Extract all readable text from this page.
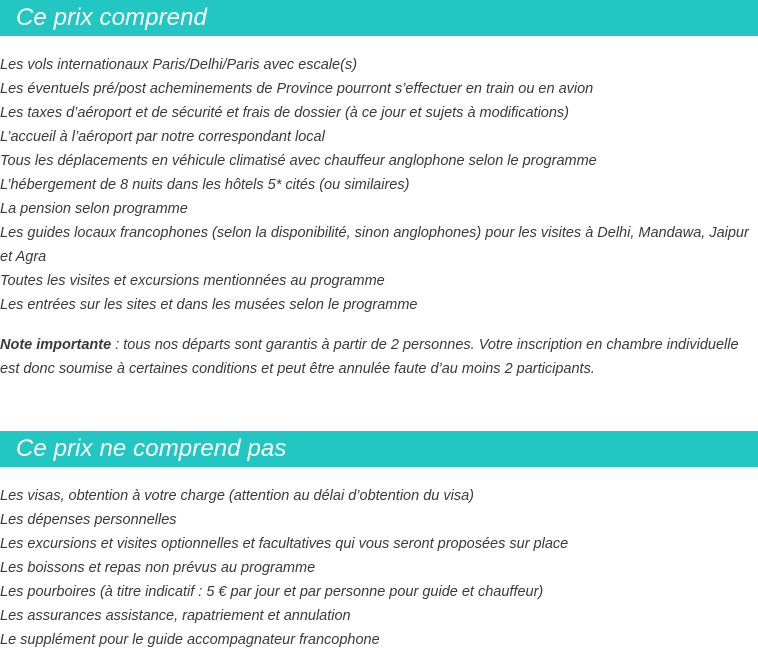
Ce prix comprend
Les vols internationaux Paris/Delhi/Paris avec escale(s)
Les éventuels pré/post acheminements de Province pourront s’effectuer en train ou en avion
Les taxes d’aéroport et de sécurité et frais de dossier (à ce jour et sujets à modifications)
L’accueil à l’aéroport par notre correspondant local
Tous les déplacements en véhicule climatisé avec chauffeur anglophone selon le programme
L’hébergement de 8 nuits dans les hôtels 5* cités (ou similaires)
La pension selon programme
Les guides locaux francophones (selon la disponibilité, sinon anglophones) pour les visites à Delhi, Mandawa, Jaipur et Agra
Toutes les visites et excursions mentionnées au programme
Les entrées sur les sites et dans les musées selon le programme

Note importante : tous nos départs sont garantis à partir de 2 personnes. Votre inscription en chambre individuelle est donc soumise à certaines conditions et peut être annulée faute d’au moins 2 participants.

Ce prix ne comprend pas
Les visas, obtention à votre charge (attention au délai d’obtention du visa)
Les dépenses personnelles
Les excursions et visites optionnelles et facultatives qui vous seront proposées sur place
Les boissons et repas non prévus au programme
Les pourboires (à titre indicatif : 5 € par jour et par personne pour guide et chauffeur)
Les assurances assistance, rapatriement et annulation
Le supplément pour le guide accompagnateur francophone
